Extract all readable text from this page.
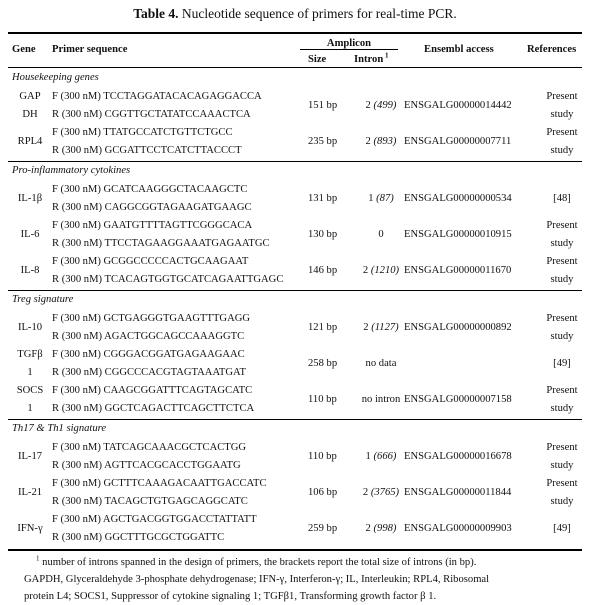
Table 4. Nucleotide sequence of primers for real-time PCR.
Gene Primer sequence
Amplicon
Size	Intron $^1$
Ensembl access	References
Housekeeping genes
GAP
DH
F (300 nM) TCCTAGGATACACAGAGGACCA
R (300 nM) CGGTTGCTATATCCAAACTCA
151 bp	2 (499) ENSGALG00000014442
Present
study
RPL4
F (300 nM) TTATGCCATCTGTTCTGCC
R (300 nM) GCGATTCCTCATCTTACCCT
235 bp	2 (893) ENSGALG00000007711
Present
study
Pro-inflammatory cytokines
IL-1β
F (300 nM) GCATCAAGGGCTACAAGCTC
R (300 nM) CAGGCGGTAGAAGATGAAGC
131 bp	1 (87) ENSGALG00000000534	[48]
IL-6
F (300 nM) GAATGTTTTAGTTCGGGCACA
R (300 nM) TTCCTAGAAGGAAATGAGAATGC
130 bp	0	ENSGALG00000010915
Present
study
IL-8
F (300 nM) GCGGCCCCCACTGCAAGAAT
R (300 nM) TCACAGTGGTGCATCAGAATTGAGC
146 bp	2 (1210) ENSGALG00000011670
Present
study
Treg signature
IL-10
F (300 nM) GCTGAGGGTGAAGTTTGAGG
R (300 nM) AGACTGGCAGCCAAAGGTC
121 bp	2 (1127) ENSGALG00000000892
Present
study
TGFβ
1
F (300 nM) CGGGACGGATGAGAAGAAC
R (300 nM) CGGCCCACGTAGTAAATGAT
258 bp	no data	[49]
SOCS
1
F (300 nM) CAAGCGGATTTCAGTAGCATC
R (300 nM) GGCTCAGACTTCAGCTTCTCA
110 bp	no intron ENSGALG00000007158
Present
study
Th17 & Th1 signature
IL-17
F (300 nM) TATCAGCAAACGCTCACTGG
R (300 nM) AGTTCACGCACCTGGAATG
110 bp	1 (666) ENSGALG00000016678
Present
study
IL-21
F (300 nM) GCTTTCAAAGACAATTGACCATC
R (300 nM) TACAGCTGTGAGCAGGCATC
106 bp	2 (3765) ENSGALG00000011844
Present
study
IFN-γ
F (300 nM) AGCTGACGGTGGACCTATTATT
R (300 nM) GGCTTTGCGCTGGATTC
259 bp	2 (998) ENSGALG00000009903	[49]
$^1$ number of introns spanned in the design of primers, the brackets report the total size of introns (in bp).
GAPDH, Glyceraldehyde 3-phosphate dehydrogenase; IFN-γ, Interferon-γ; IL, Interleukin; RPL4, Ribosomal
protein L4; SOCS1, Suppressor of cytokine signaling 1; TGFβ1, Transforming growth factor β 1.
